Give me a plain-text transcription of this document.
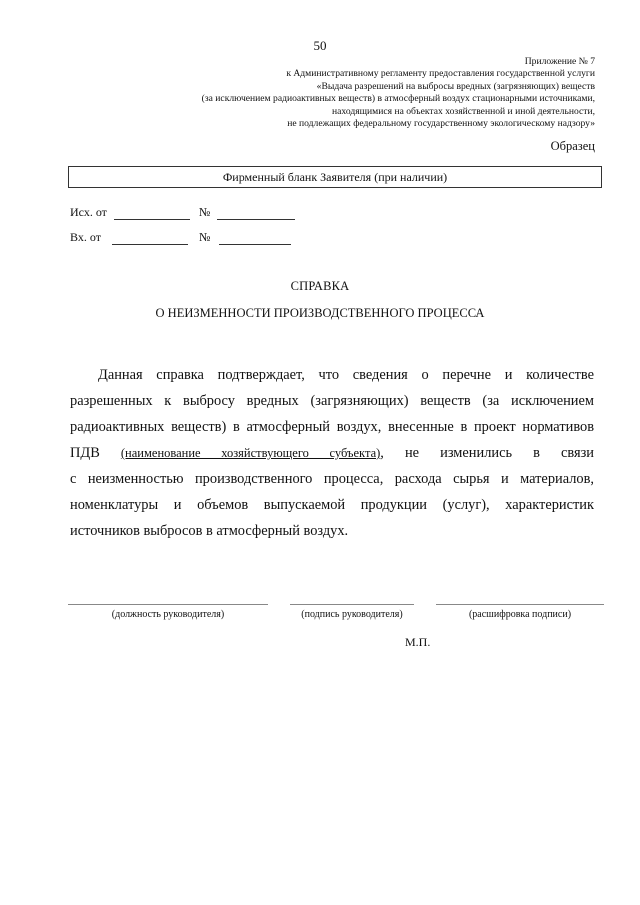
50
Приложение № 7
к Административному регламенту предоставления государственной услуги
«Выдача разрешений на выбросы вредных (загрязняющих) веществ
(за исключением радиоактивных веществ) в атмосферный воздух стационарными источниками,
находящимися на объектах хозяйственной и иной деятельности,
не подлежащих федеральному государственному экологическому надзору»
Образец
Фирменный бланк Заявителя (при наличии)
Исх. от	№
Вх. от	№
СПРАВКА
О НЕИЗМЕННОСТИ ПРОИЗВОДСТВЕННОГО ПРОЦЕССА
Данная справка подтверждает, что сведения о перечне и количестве
разрешенных к выбросу вредных (загрязняющих) веществ (за исключением
радиоактивных веществ) в атмосферный воздух, внесенные в проект нормативов
ПДВ (наименование хозяйствующего субъекта), не изменились в связи
с неизменностью производственного процесса, расхода сырья и материалов,
номенклатуры и объемов выпускаемой продукции (услуг), характеристик
источников выбросов в атмосферный воздух.
(должность руководителя)	(подпись руководителя)	(расшифровка подписи)
М.П.
